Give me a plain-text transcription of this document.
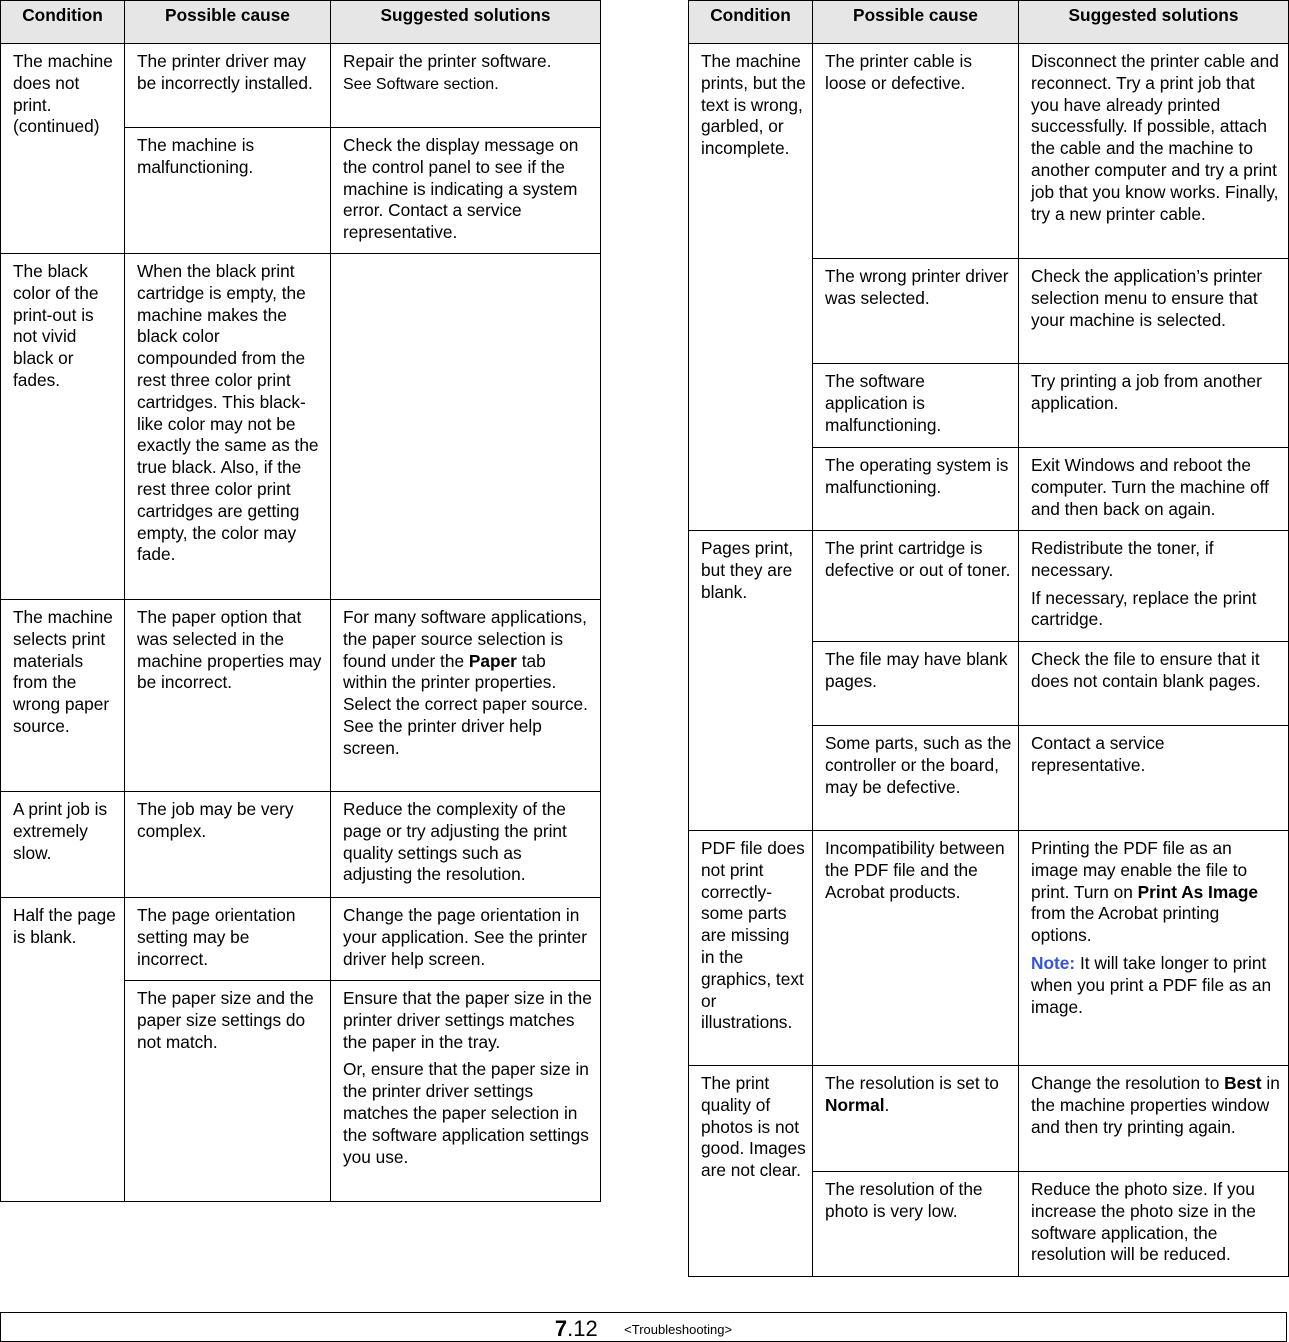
Condition	Possible cause	Suggested solutions
The machine does not print. (continued)	The printer driver may be incorrectly installed.	Repair the printer software.
See Software section.
	The machine is malfunctioning.	Check the display message on the control panel to see if the machine is indicating a system error. Contact a service representative.
The black color of the print-out is not vivid black or fades.	When the black print cartridge is empty, the machine makes the black color compounded from the rest three color print cartridges. This black-like color may not be exactly the same as the true black. Also, if the rest three color print cartridges are getting empty, the color may fade.	
The machine selects print materials from the wrong paper source.	The paper option that was selected in the machine properties may be incorrect.	For many software applications, the paper source selection is found under the Paper tab within the printer properties. Select the correct paper source. See the printer driver help screen.
A print job is extremely slow.	The job may be very complex.	Reduce the complexity of the page or try adjusting the print quality settings such as adjusting the resolution.
Half the page is blank.	The page orientation setting may be incorrect.	Change the page orientation in your application. See the printer driver help screen.
	The paper size and the paper size settings do not match.	Ensure that the paper size in the printer driver settings matches the paper in the tray.

Or, ensure that the paper size in the printer driver settings matches the paper selection in the software application settings you use.

Condition	Possible cause	Suggested solutions
The machine prints, but the text is wrong, garbled, or incomplete.	The printer cable is loose or defective.	Disconnect the printer cable and reconnect. Try a print job that you have already printed successfully. If possible, attach the cable and the machine to another computer and try a print job that you know works. Finally, try a new printer cable.
	The wrong printer driver was selected.	Check the application’s printer selection menu to ensure that your machine is selected.
	The software application is malfunctioning.	Try printing a job from another application.
	The operating system is malfunctioning.	Exit Windows and reboot the computer. Turn the machine off and then back on again.
Pages print, but they are blank.	The print cartridge is defective or out of toner.	Redistribute the toner, if necessary.

If necessary, replace the print cartridge.

	The file may have blank pages.	Check the file to ensure that it does not contain blank pages.
	Some parts, such as the controller or the board, may be defective.	Contact a service representative.
PDF file does not print correctly- some parts are missing in the graphics, text or illustrations.	Incompatibility between the PDF file and the Acrobat products.	Printing the PDF file as an image may enable the file to print. Turn on Print As Image from the Acrobat printing options.

Note: It will take longer to print when you print a PDF file as an image.

The print quality of photos is not good. Images are not clear.	The resolution is set to Normal.	Change the resolution to Best in the machine properties window and then try printing again.
	The resolution of the photo is very low.	Reduce the photo size. If you increase the photo size in the software application, the resolution will be reduced.
7.12 <Troubleshooting>
